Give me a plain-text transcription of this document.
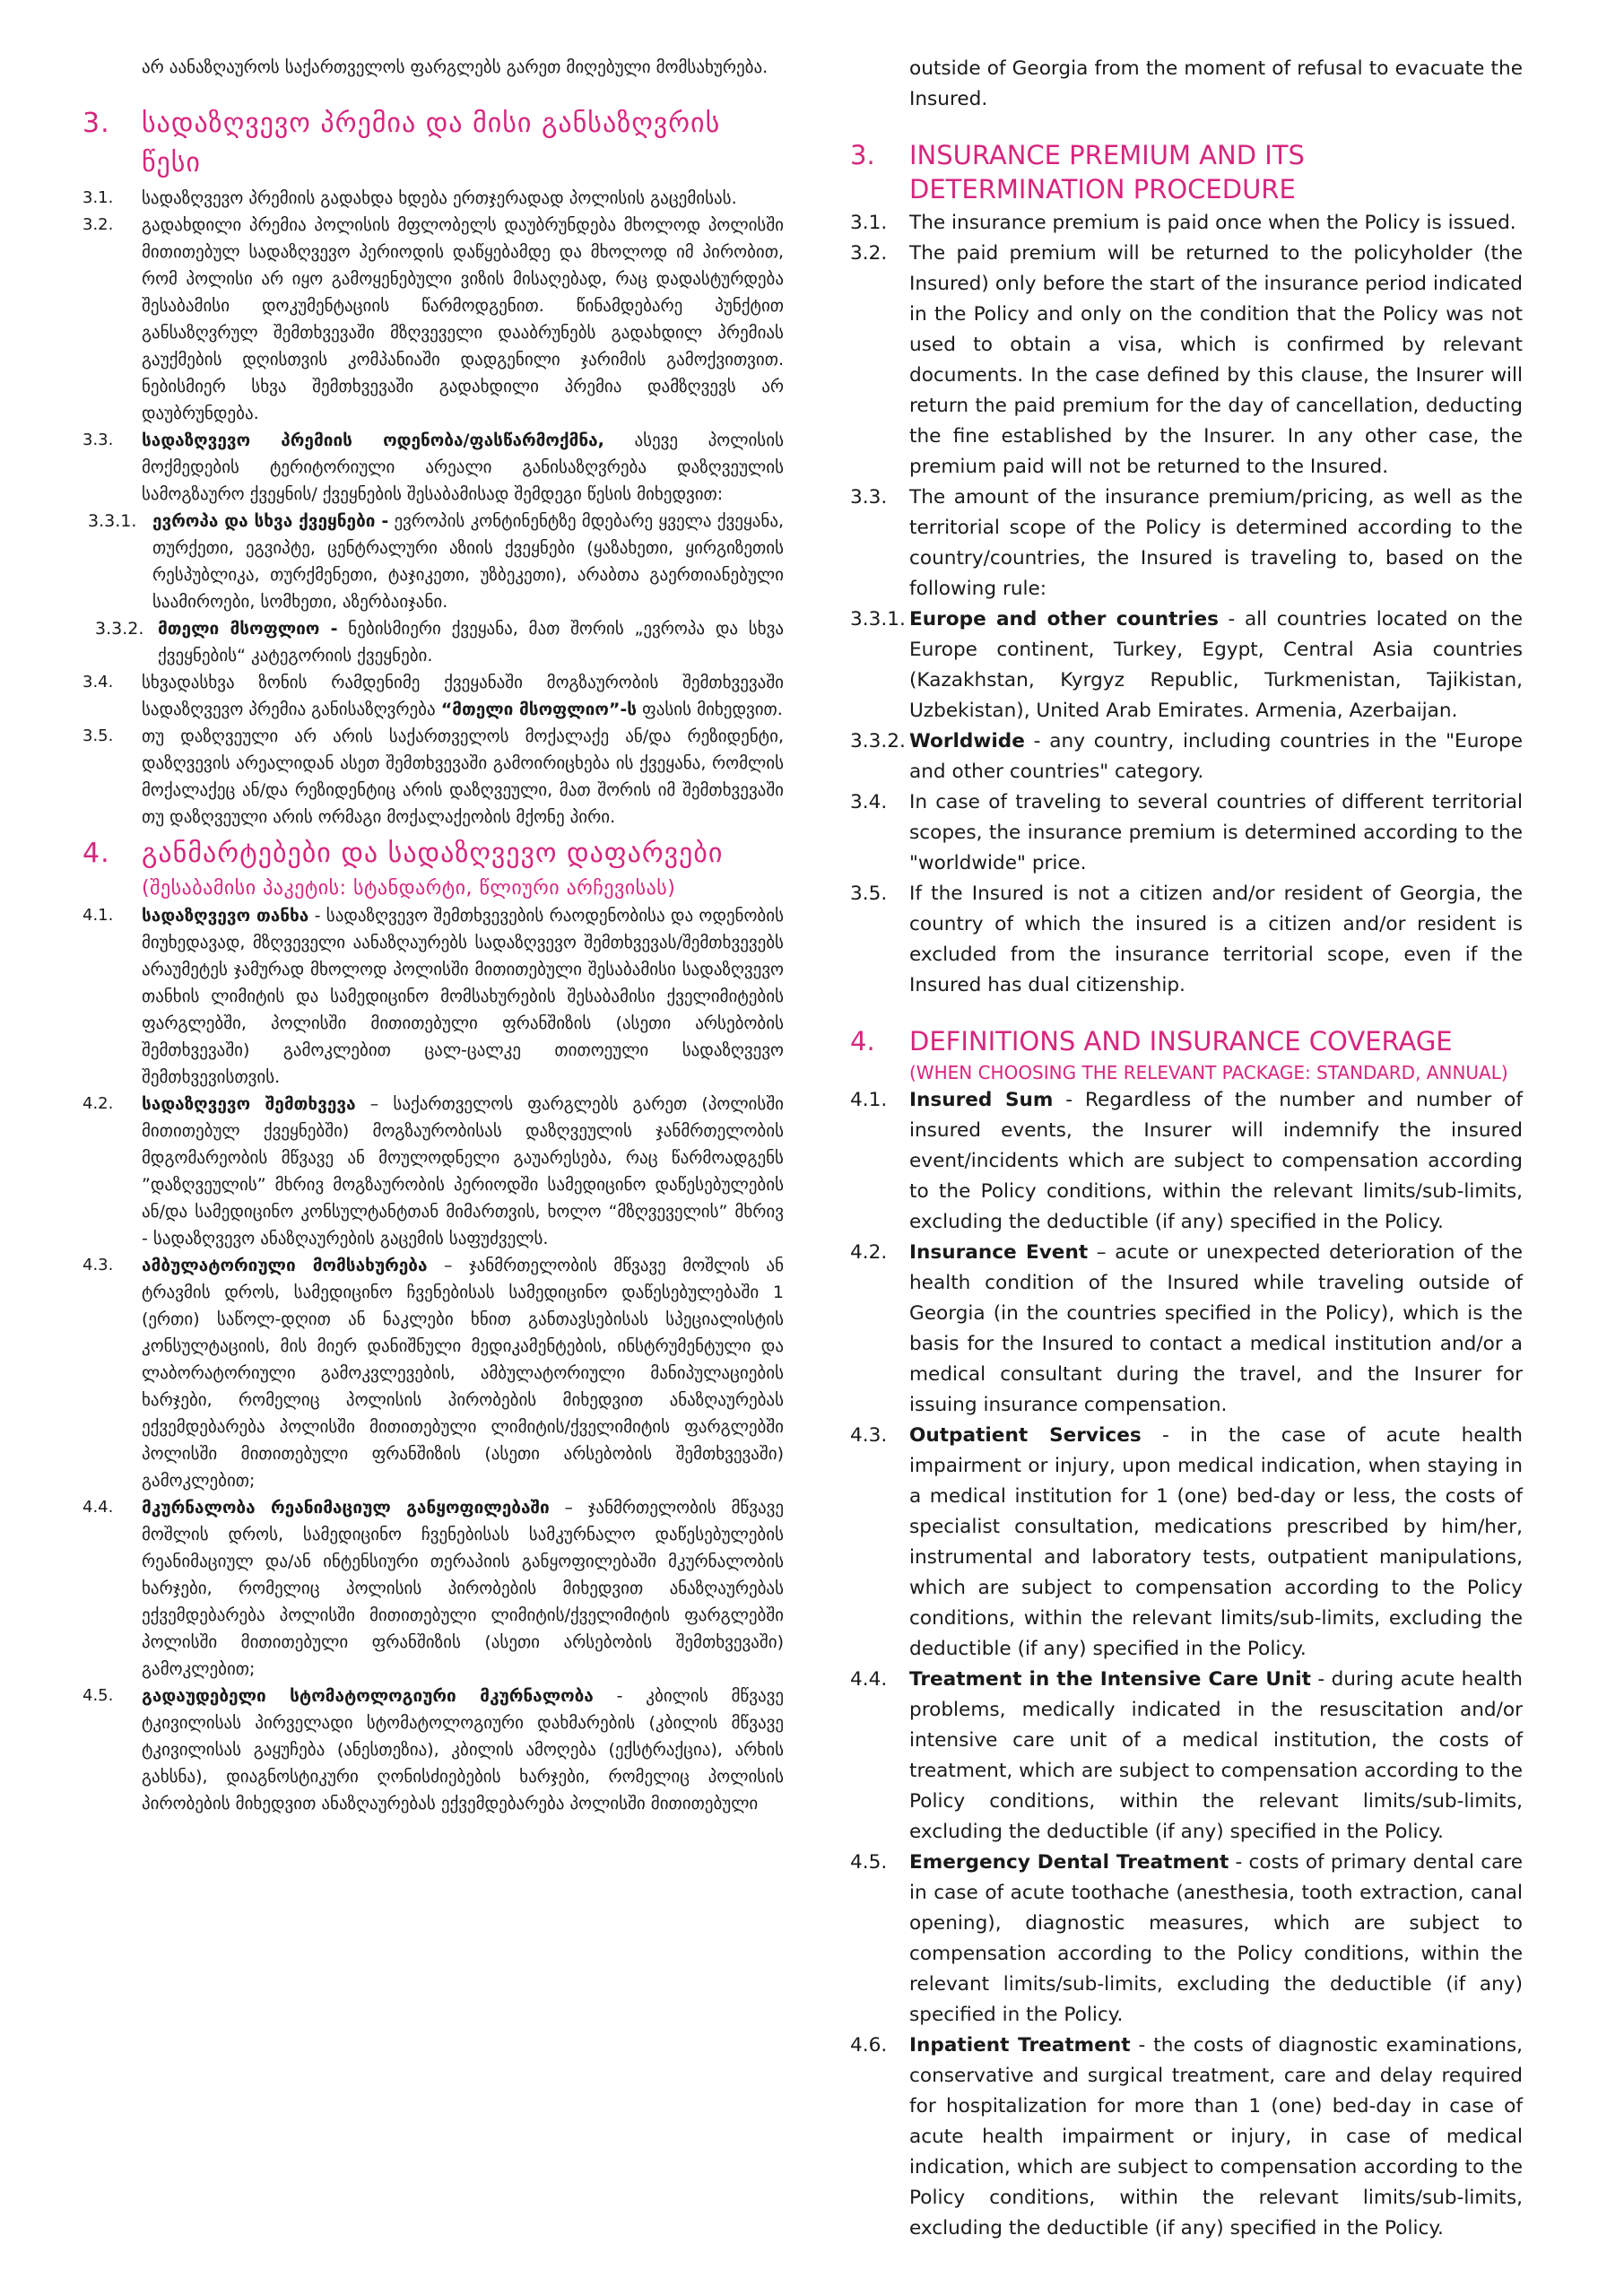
არ აანაზღაუროს საქართველოს ფარგლებს გარეთ მიღებული მომსახურება.

3.	სადაზღვევო პრემია და მისი განსაზღვრის წესი
3.1.	სადაზღვევო პრემიის გადახდა ხდება ერთჯერადად პოლისის გაცემისას.
3.2.	გადახდილი პრემია პოლისის მფლობელს დაუბრუნდება მხოლოდ პოლისში მითითებულ სადაზღვევო პერიოდის დაწყებამდე და მხოლოდ იმ პირობით, რომ პოლისი არ იყო გამოყენებული ვიზის მისაღებად, რაც დადასტურდება შესაბამისი დოკუმენტაციის წარმოდგენით. წინამდებარე პუნქტით განსაზღვრულ შემთხვევაში მზღვეველი დააბრუნებს გადახდილ პრემიას გაუქმების დღისთვის კომპანიაში დადგენილი ჯარიმის გამოქვითვით. ნებისმიერ სხვა შემთხვევაში გადახდილი პრემია დამზღვევს არ დაუბრუნდება.
3.3.	სადაზღვევო პრემიის ოდენობა/ფასწარმოქმნა, ასევე პოლისის მოქმედების ტერიტორიული არეალი განისაზღვრება დაზღვეულის სამოგზაურო ქვეყნის/ ქვეყნების შესაბამისად შემდეგი წესის მიხედვით:
3.3.1. ევროპა და სხვა ქვეყნები - ევროპის კონტინენტზე მდებარე ყველა ქვეყანა, თურქეთი, ეგვიპტე, ცენტრალური აზიის ქვეყნები (ყაზახეთი, ყირგიზეთის რესპუბლიკა, თურქმენეთი, ტაჯიკეთი, უზბეკეთი), არაბთა გაერთიანებული საამიროები, სომხეთი, აზერბაიჯანი.
3.3.2. მთელი მსოფლიო - ნებისმიერი ქვეყანა, მათ შორის „ევროპა და სხვა ქვეყნების“ კატეგორიის ქვეყნები.
3.4.	სხვადასხვა ზონის რამდენიმე ქვეყანაში მოგზაურობის შემთხვევაში სადაზღვევო პრემია განისაზღვრება “მთელი მსოფლიო”-ს ფასის მიხედვით.
3.5.	თუ დაზღვეული არ არის საქართველოს მოქალაქე ან/და რეზიდენტი, დაზღვევის არეალიდან ასეთ შემთხვევაში გამოირიცხება ის ქვეყანა, რომლის მოქალაქეც ან/და რეზიდენტიც არის დაზღვეული, მათ შორის იმ შემთხვევაში თუ დაზღვეული არის ორმაგი მოქალაქეობის მქონე პირი.
4.	განმარტებები და სადაზღვევო დაფარვები
(შესაბამისი პაკეტის: სტანდარტი, წლიური არჩევისას)
4.1.	სადაზღვევო თანხა - სადაზღვევო შემთხვევების რაოდენობისა და ოდენობის მიუხედავად, მზღვეველი აანაზღაურებს სადაზღვევო შემთხვევას/შემთხვევებს არაუმეტეს ჯამურად მხოლოდ პოლისში მითითებული შესაბამისი სადაზღვევო თანხის ლიმიტის და სამედიცინო მომსახურების შესაბამისი ქველიმიტების ფარგლებში, პოლისში მითითებული ფრანშიზის (ასეთი არსებობის შემთხვევაში) გამოკლებით ცალ-ცალკე თითოეული სადაზღვევო შემთხვევისთვის.
4.2.	სადაზღვევო შემთხვევა – საქართველოს ფარგლებს გარეთ (პოლისში მითითებულ ქვეყნებში) მოგზაურობისას დაზღვეულის ჯანმრთელობის მდგომარეობის მწვავე ან მოულოდნელი გაუარესება, რაც წარმოადგენს ”დაზღვეულის” მხრივ მოგზაურობის პერიოდში სამედიცინო დაწესებულების ან/და სამედიცინო კონსულტანტთან მიმართვის, ხოლო “მზღვეველის” მხრივ - სადაზღვევო ანაზღაურების გაცემის საფუძველს.
4.3.	ამბულატორიული მომსახურება – ჯანმრთელობის მწვავე მოშლის ან ტრავმის დროს, სამედიცინო ჩვენებისას სამედიცინო დაწესებულებაში 1 (ერთი) საწოლ-დღით ან ნაკლები ხნით განთავსებისას სპეციალისტის კონსულტაციის, მის მიერ დანიშნული მედიკამენტების, ინსტრუმენტული და ლაბორატორიული გამოკვლევების, ამბულატორიული მანიპულაციების ხარჯები, რომელიც პოლისის პირობების მიხედვით ანაზღაურებას ექვემდებარება პოლისში მითითებული ლიმიტის/ქველიმიტის ფარგლებში პოლისში მითითებული ფრანშიზის (ასეთი არსებობის შემთხვევაში) გამოკლებით;
4.4.	მკურნალობა რეანიმაციულ განყოფილებაში – ჯანმრთელობის მწვავე მოშლის დროს, სამედიცინო ჩვენებისას სამკურნალო დაწესებულების რეანიმაციულ და/ან ინტენსიური თერაპიის განყოფილებაში მკურნალობის ხარჯები, რომელიც პოლისის პირობების მიხედვით ანაზღაურებას ექვემდებარება პოლისში მითითებული ლიმიტის/ქველიმიტის ფარგლებში პოლისში მითითებული ფრანშიზის (ასეთი არსებობის შემთხვევაში) გამოკლებით;
4.5.	გადაუდებელი სტომატოლოგიური მკურნალობა - კბილის მწვავე ტკივილისას პირველადი სტომატოლოგიური დახმარების (კბილის მწვავე ტკივილისას გაყუჩება (ანესთეზია), კბილის ამოღება (ექსტრაქცია), არხის გახსნა), დიაგნოსტიკური ღონისძიებების ხარჯები, რომელიც პოლისის პირობების მიხედვით ანაზღაურებას ექვემდებარება პოლისში მითითებული

outside of Georgia from the moment of refusal to evacuate the Insured.

3.	INSURANCE PREMIUM AND ITS DETERMINATION PROCEDURE
3.1.	The insurance premium is paid once when the Policy is issued.
3.2.	The paid premium will be returned to the policyholder (the Insured) only before the start of the insurance period indicated in the Policy and only on the condition that the Policy was not used to obtain a visa, which is confirmed by relevant documents. In the case defined by this clause, the Insurer will return the paid premium for the day of cancellation, deducting the fine established by the Insurer. In any other case, the premium paid will not be returned to the Insured.
3.3.	The amount of the insurance premium/pricing, as well as the territorial scope of the Policy is determined according to the country/countries, the Insured is traveling to, based on the following rule:
3.3.1. Europe and other countries - all countries located on the Europe continent, Turkey, Egypt, Central Asia countries (Kazakhstan, Kyrgyz Republic, Turkmenistan, Tajikistan, Uzbekistan), United Arab Emirates. Armenia, Azerbaijan.
3.3.2. Worldwide - any country, including countries in the "Europe and other countries" category.
3.4.	In case of traveling to several countries of different territorial scopes, the insurance premium is determined according to the "worldwide" price.
3.5.	If the Insured is not a citizen and/or resident of Georgia, the country of which the insured is a citizen and/or resident is excluded from the insurance territorial scope, even if the Insured has dual citizenship.
4.	DEFINITIONS AND INSURANCE COVERAGE
(WHEN CHOOSING THE RELEVANT PACKAGE: STANDARD, ANNUAL)
4.1.	Insured Sum - Regardless of the number and number of insured events, the Insurer will indemnify the insured event/incidents which are subject to compensation according to the Policy conditions, within the relevant limits/sub-limits, excluding the deductible (if any) specified in the Policy.
4.2.	Insurance Event – acute or unexpected deterioration of the health condition of the Insured while traveling outside of Georgia (in the countries specified in the Policy), which is the basis for the Insured to contact a medical institution and/or a medical consultant during the travel, and the Insurer for issuing insurance compensation.
4.3.	Outpatient Services - in the case of acute health impairment or injury, upon medical indication, when staying in a medical institution for 1 (one) bed-day or less, the costs of specialist consultation, medications prescribed by him/her, instrumental and laboratory tests, outpatient manipulations, which are subject to compensation according to the Policy conditions, within the relevant limits/sub-limits, excluding the deductible (if any) specified in the Policy.
4.4.	Treatment in the Intensive Care Unit - during acute health problems, medically indicated in the resuscitation and/or intensive care unit of a medical institution, the costs of treatment, which are subject to compensation according to the Policy conditions, within the relevant limits/sub-limits, excluding the deductible (if any) specified in the Policy.
4.5.	Emergency Dental Treatment - costs of primary dental care in case of acute toothache (anesthesia, tooth extraction, canal opening), diagnostic measures, which are subject to compensation according to the Policy conditions, within the relevant limits/sub-limits, excluding the deductible (if any) specified in the Policy.
4.6.	Inpatient Treatment - the costs of diagnostic examinations, conservative and surgical treatment, care and delay required for hospitalization for more than 1 (one) bed-day in case of acute health impairment or injury, in case of medical indication, which are subject to compensation according to the Policy conditions, within the relevant limits/sub-limits, excluding the deductible (if any) specified in the Policy.
